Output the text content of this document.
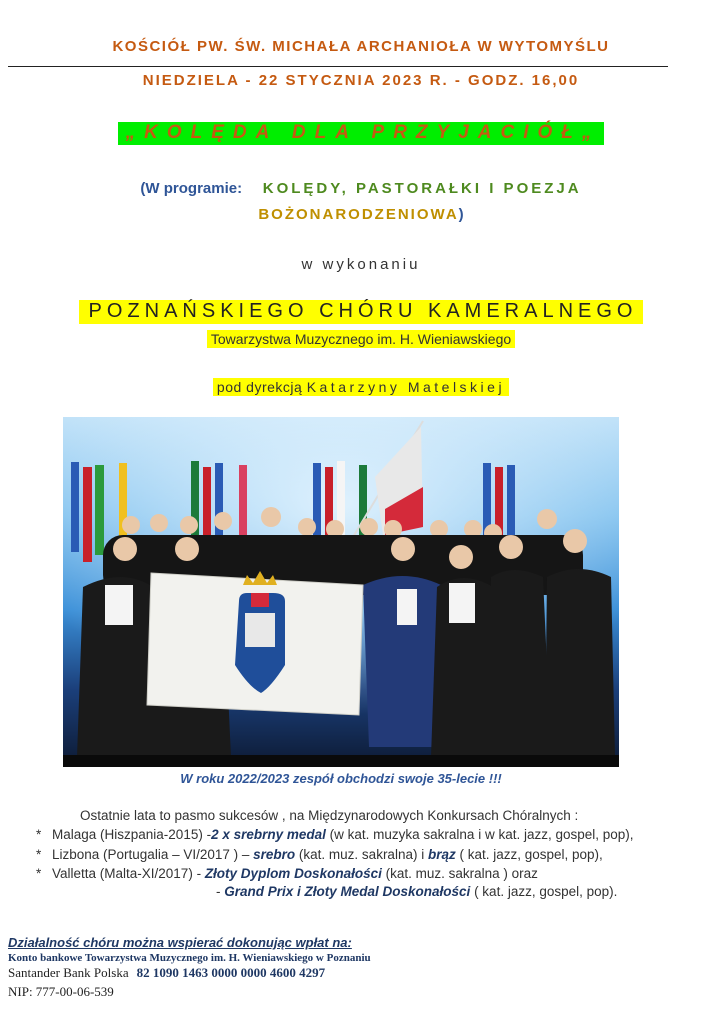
KOŚCIÓŁ PW. ŚW. MICHAŁA ARCHANIOŁA W WYTOMYŚLU
NIEDZIELA - 22 STYCZNIA 2023 R. - GODZ. 16,00
„KOLĘDA DLA PRZYJACIÓŁ„
(W programie: KOLĘDY, PASTORAŁKI I POEZJA
BOŻONARODZENIOWA)
w wykonaniu
POZNAŃSKIEGO CHÓRU KAMERALNEGO
Towarzystwa Muzycznego im. H. Wieniawskiego
pod dyrekcją Katarzyny Matelskiej
W roku 2022/2023 zespół obchodzi swoje 35-lecie !!!
Ostatnie lata to pasmo sukcesów , na Międzynarodowych Konkursach Chóralnych :
* Malaga (Hiszpania-2015) -2 x srebrny medal (w kat. muzyka sakralna i w kat. jazz, gospel, pop),
* Lizbona (Portugalia – VI/2017 ) – srebro (kat. muz. sakralna) i brąz ( kat. jazz, gospel, pop),
* Valletta (Malta-XI/2017) - Złoty Dyplom Doskonałości (kat. muz. sakralna ) oraz
- Grand Prix i Złoty Medal Doskonałości ( kat. jazz, gospel, pop).
Działalność chóru można wspierać dokonując wpłat na:
Konto bankowe Towarzystwa Muzycznego im. H. Wieniawskiego w Poznaniu
Santander Bank Polska 82 1090 1463 0000 0000 4600 4297
NIP: 777-00-06-539
